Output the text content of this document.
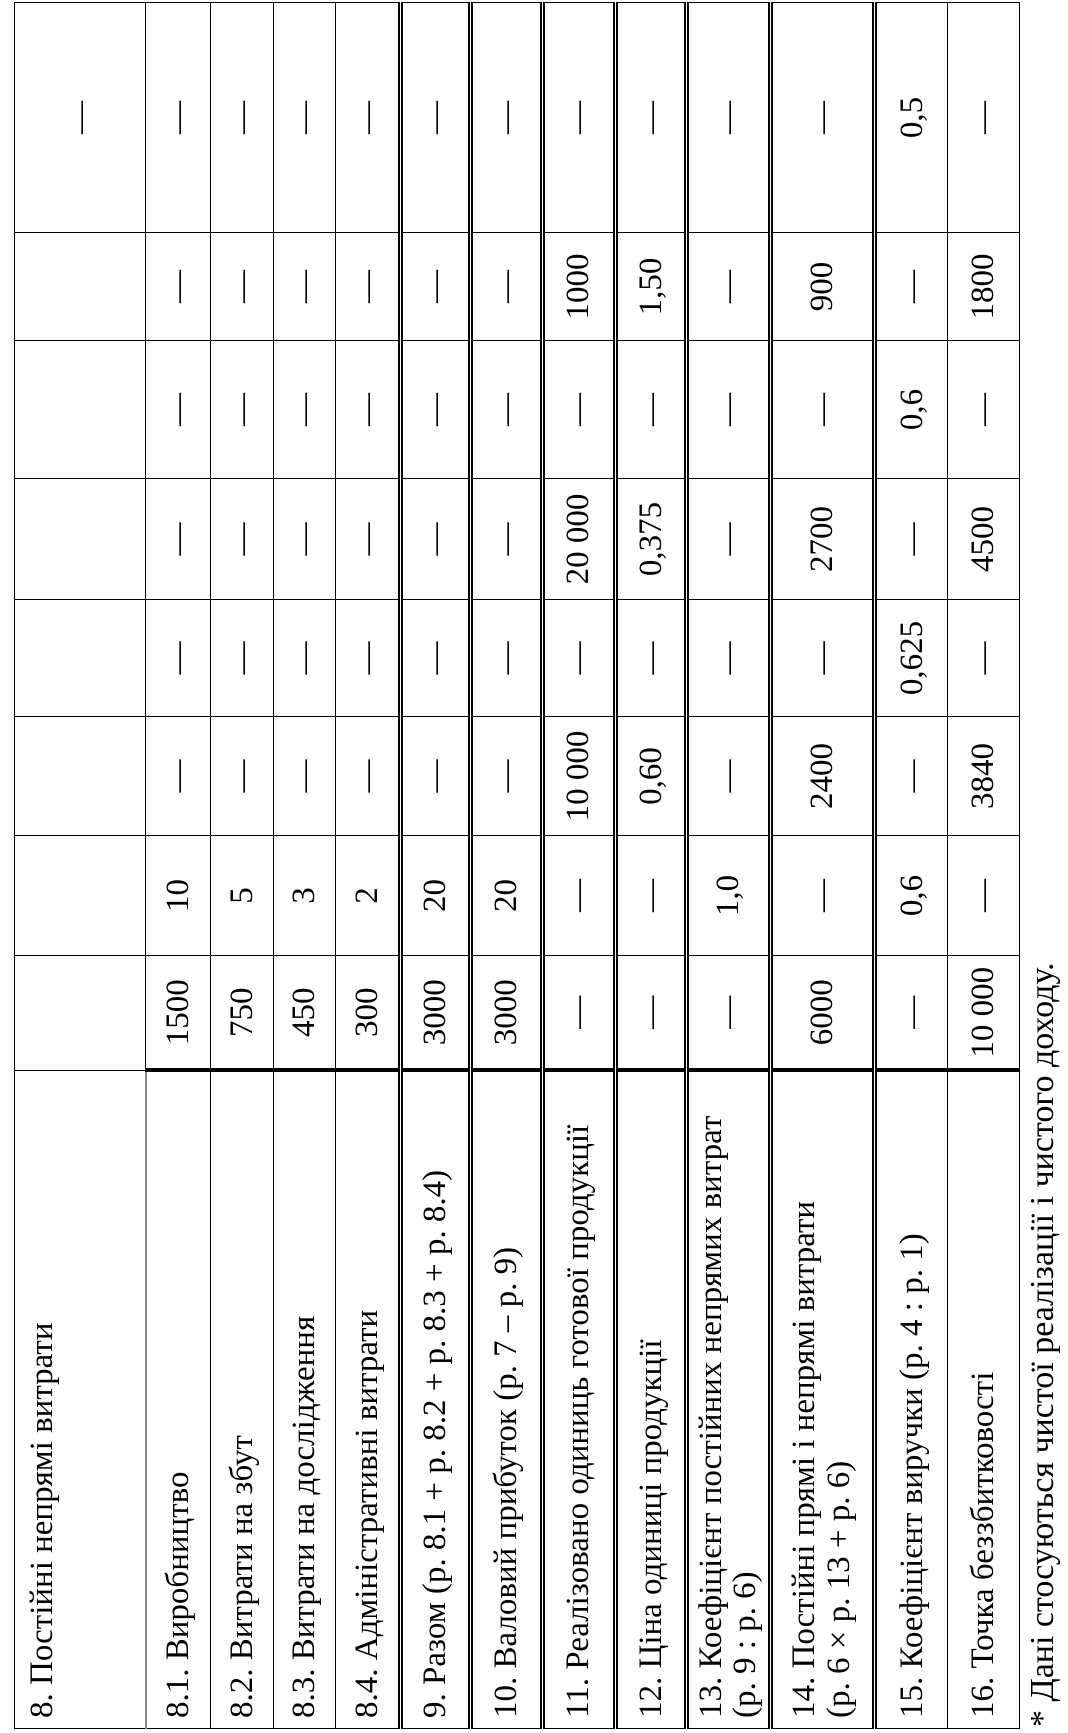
8. Постійні непрямі витрати								—
8.1. Виробництво	1500	10	—	—	—	—	—	—
8.2. Витрати на збут	750	5	—	—	—	—	—	—
8.3. Витрати на дослідження	450	3	—	—	—	—	—	—
8.4. Адміністративні витрати	300	2	—	—	—	—	—	—
9. Разом (р. 8.1 + р. 8.2 + р. 8.3 + р. 8.4)	3000	20	—	—	—	—	—	—
10. Валовий прибуток (р. 7 – р. 9)	3000	20	—	—	—	—	—	—
11. Реалізовано одиниць готової продукції	—	—	10 000	—	20 000	—	1000	—
12. Ціна одиниці продукції	—	—	0,60	—	0,375	—	1,50	—
13. Коефіцієнт постійних непрямих витрат
(р. 9 : р. 6)	—	1,0	—	—	—	—	—	—
14. Постійні прямі і непрямі витрати
(р. 6 × р. 13 + р. 6)	6000	—	2400	—	2700	—	900	—
15. Коефіцієнт виручки (р. 4 : р. 1)	—	0,6	—	0,625	—	0,6	—	0,5
16. Точка беззбитковості	10 000	—	3840	—	4500	—	1800	—
* Дані стосуються чистої реалізації і чистого доходу.
